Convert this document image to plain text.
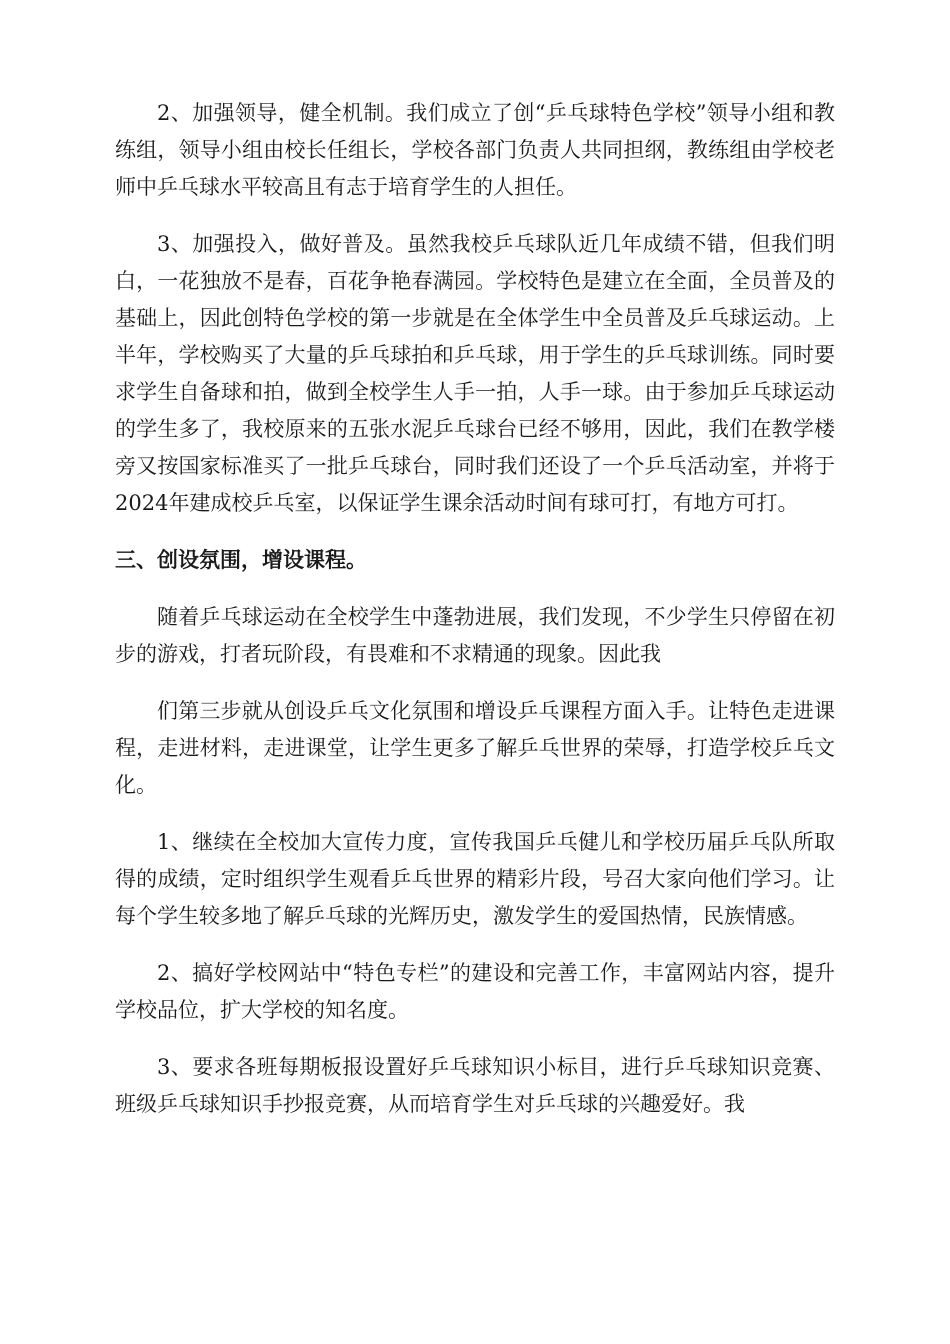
2、加强领导，健全机制。我们成立了创“乒乓球特色学校”领导小组和教练组，领导小组由校长任组长，学校各部门负责人共同担纲，教练组由学校老师中乒乓球水平较高且有志于培育学生的人担任。

3、加强投入，做好普及。虽然我校乒乓球队近几年成绩不错，但我们明白，一花独放不是春，百花争艳春满园。学校特色是建立在全面，全员普及的基础上，因此创特色学校的第一步就是在全体学生中全员普及乒乓球运动。上半年，学校购买了大量的乒乓球拍和乒乓球，用于学生的乒乓球训练。同时要求学生自备球和拍，做到全校学生人手一拍，人手一球。由于参加乒乓球运动的学生多了，我校原来的五张水泥乒乓球台已经不够用，因此，我们在教学楼旁又按国家标准买了一批乒乓球台，同时我们还设了一个乒乓活动室，并将于2024年建成校乒乓室，以保证学生课余活动时间有球可打，有地方可打。

三、创设氛围，增设课程。

随着乒乓球运动在全校学生中蓬勃进展，我们发现，不少学生只停留在初步的游戏，打者玩阶段，有畏难和不求精通的现象。因此我

们第三步就从创设乒乓文化氛围和增设乒乓课程方面入手。让特色走进课程，走进材料，走进课堂，让学生更多了解乒乓世界的荣辱，打造学校乒乓文化。

1、继续在全校加大宣传力度，宣传我国乒乓健儿和学校历届乒乓队所取得的成绩，定时组织学生观看乒乓世界的精彩片段，号召大家向他们学习。让每个学生较多地了解乒乓球的光辉历史，激发学生的爱国热情，民族情感。

2、搞好学校网站中“特色专栏”的建设和完善工作，丰富网站内容，提升学校品位，扩大学校的知名度。

3、要求各班每期板报设置好乒乓球知识小标目，进行乒乓球知识竞赛、班级乒乓球知识手抄报竞赛，从而培育学生对乒乓球的兴趣爱好。我
